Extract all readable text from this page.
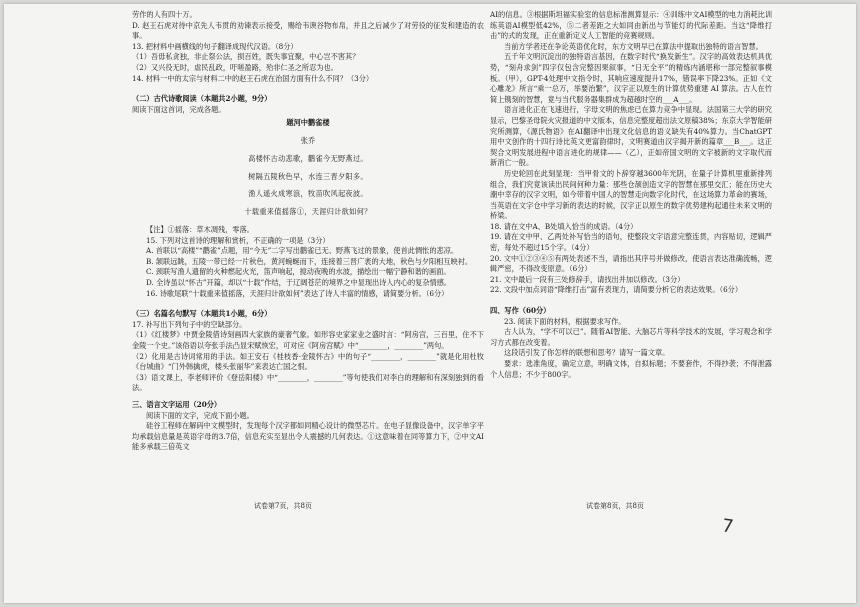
劳作的人有四十万。

D. 赵王石虎对待中京先人韦贯的劝谏表示接受，赐给韦谀谷物布帛，并且之后减少了对劳役的征发和建造的农事。

13. 把材料中画横线的句子翻译成现代汉语。（8分）

（1）吾毋私贪独，非止祭公法，损百姓，既失事宜聚，中心岂不害其？

（2）又兴役无时，虐民乱政，吁嗟盈路，殆非仁圣之所忍为也。

14. 材料一中的太宗与材料二中的赵王石虎在治国方面有什么不同？（3分）

（二）古代诗歌阅读（本题共2小题，9分）

阅读下面这首词，完成各题。

题河中鹳雀楼

张乔

高楼怀古动悲歌，鹳雀今无野燕过。

树隔五陵秋色早，水连三晋夕阳多。

渔人遥火成寒浪，牧苗吹风起夜波。

十载重来值摇落①，天涯归计欲如何？

【注】①摇落：草木凋残，零落。

15. 下列对这首诗的理解和赏析，不正确的一项是（3分）

A. 首联以“高楼”“鹳雀”点题，用“今无”二字写出鹳雀已无、野燕飞过的景象，使首此惆怅的悲凉。

B. 颔联远眺，五陵一带已经一片秋色，黄河蜿蜒而下，连接着三晋广袤的大地，秋色与夕阳相互映衬。

C. 颈联写渔人遗留的火种燃起火光，笛声响起，搅动夜晚的水波，描绘出一幅宁静和谐的画面。

D. 全诗虽以“怀古”开篇，却以“十载”作结，于辽阔苍茫的境界之中显现出诗人内心的复杂情感。

16. 诗歌尾联“十载重来值摇落，天涯归计欲如何”表达了诗人丰富的情感，请简要分析。（6分）

（三）名篇名句默写（本题共1小题，6分）

17. 补写出下列句子中的空缺部分。

（1）《红楼梦》中贾金陵借诗刻画四大家族的豪奢气象。如形容史家家业之盛时言：“阿房宫，三百里，住不下金陵一个史。”该俗语以夸张手法凸显宋赋恢宏，可对应《阿房宫赋》中“________，________”两句。

（2）化用是古诗词常用的手法。如王安石《桂枝香·金陵怀古》中的句子“________，________”就是化用杜牧《台城曲》“门外韩擒虎，楼头张丽华”来表达亡国之恨。

（3）语文课上，李老师评价《登岳阳楼》中“________，________”等句使我们对李白的理解和有深刻独到的看法。

三、语言文字运用（20分）

阅读下面的文字，完成下面小题。

硅谷工程师在解码中文模型时，发现每个汉字都如同精心设计的微型芯片。在电子显像设备中，汉字单字平均承载信息量是英语字母的3.7倍，信息充实至显出令人震撼的几何表达。①这意味着在同等算力下，②中文AI能多承载三倍英文

AI的信息。③根据斯坦福实验室的信息标准测算显示：④训练中文AI模型的电力消耗比训练英语AI模型低42%，⑤二者差距之大如同由新出与节能灯的代际差距。当这“降维打击”的式的发现，正在重新定义人工智能的竞赛规则。

当前方学者还在争论英语优化时，东方文明早已在算法中提取出独特的语言智慧。

五千年文明沉淀出的独特语言基因，在数字时代“换发新生”。汉字的高效表达机具优势，“刻舟求剑”四字仅包含完整因果叙事，“日无全平”的精炼内涵堪称一部完整叙事模板。（甲），GPT-4处理中文指令时，其响应速度提升17%，错误率下降23%。正如《文心雕龙》所言“乘一总万，举要治繁”，汉字正以原生的计算优势重建 AI 算法。古人在竹简上镌刻的智慧，竟与当代服务器集群成为超越时空的___A___。

语言进化正在飞速进行，字母文明的焦虑已在算力竞争中显现。法国第三大学的研究显示，巴黎圣母院火灾报道的中文版本，信息完整度超出法文原稿38%；东京大学智能研究所测算，《源氏物语》在AI翻译中出现文化信息的语义缺失有40%算力。当ChatGPT用中文创作的十四行诗比英文更富韵律时，文明赛道由汉字揭开新的篇章___B___。这正契合文明发展进程中语言进化的规律——（乙），正如帝国文明的文字被新的文字取代而新消亡一般。

历史轮回在此刻显现：当甲骨文的卜辞穿越3600年光阴，在量子计算机里重新排列组合，我们究竟该读出民间何种力量：那些仓颉创造文字的智慧在那里交汇；能在历史大潮中幸存的汉字文明，如今带着中国人的智慧走向数字化时代，在这场算力革命的赛场，当英语在文字仓中学习新的表达的时候，汉字正以原生的数字优势建构起通往未来文明的桥梁。

18. 请在文中A、B处填入恰当的成语。（4分）

19. 请在文中甲、乙两处补写恰当的语句，使整段文字语意完整连贯，内容贴切，逻辑严密，每处不超过15个字。（4分）

20. 文中①②③④⑤有两处表述不当，请指出其序号并做修改，使语言表达准确流畅，逻辑严密，不得改变原意。（6分）

21. 文中最后一段有三处修辞手，请找出并加以修改。（3分）

22. 文段中加点词语“降维打击”富有表现力，请简要分析它的表达效果。（6分）

四、写作（60分）

23. 阅读下面的材料，根据要求写作。

古人认为，“学不可以已”。随着AI智能、大脑芯片等科学技术的发展，学习观念和学习方式都在改变着。

这段话引发了你怎样的联想和思考？请写一篇文章。

要求：选准角度，确定立意，明确文体，自拟标题；不要套作，不得抄袭；不得泄露个人信息；不少于800字。

试卷第7页，共8页	试卷第8页，共8页
7
